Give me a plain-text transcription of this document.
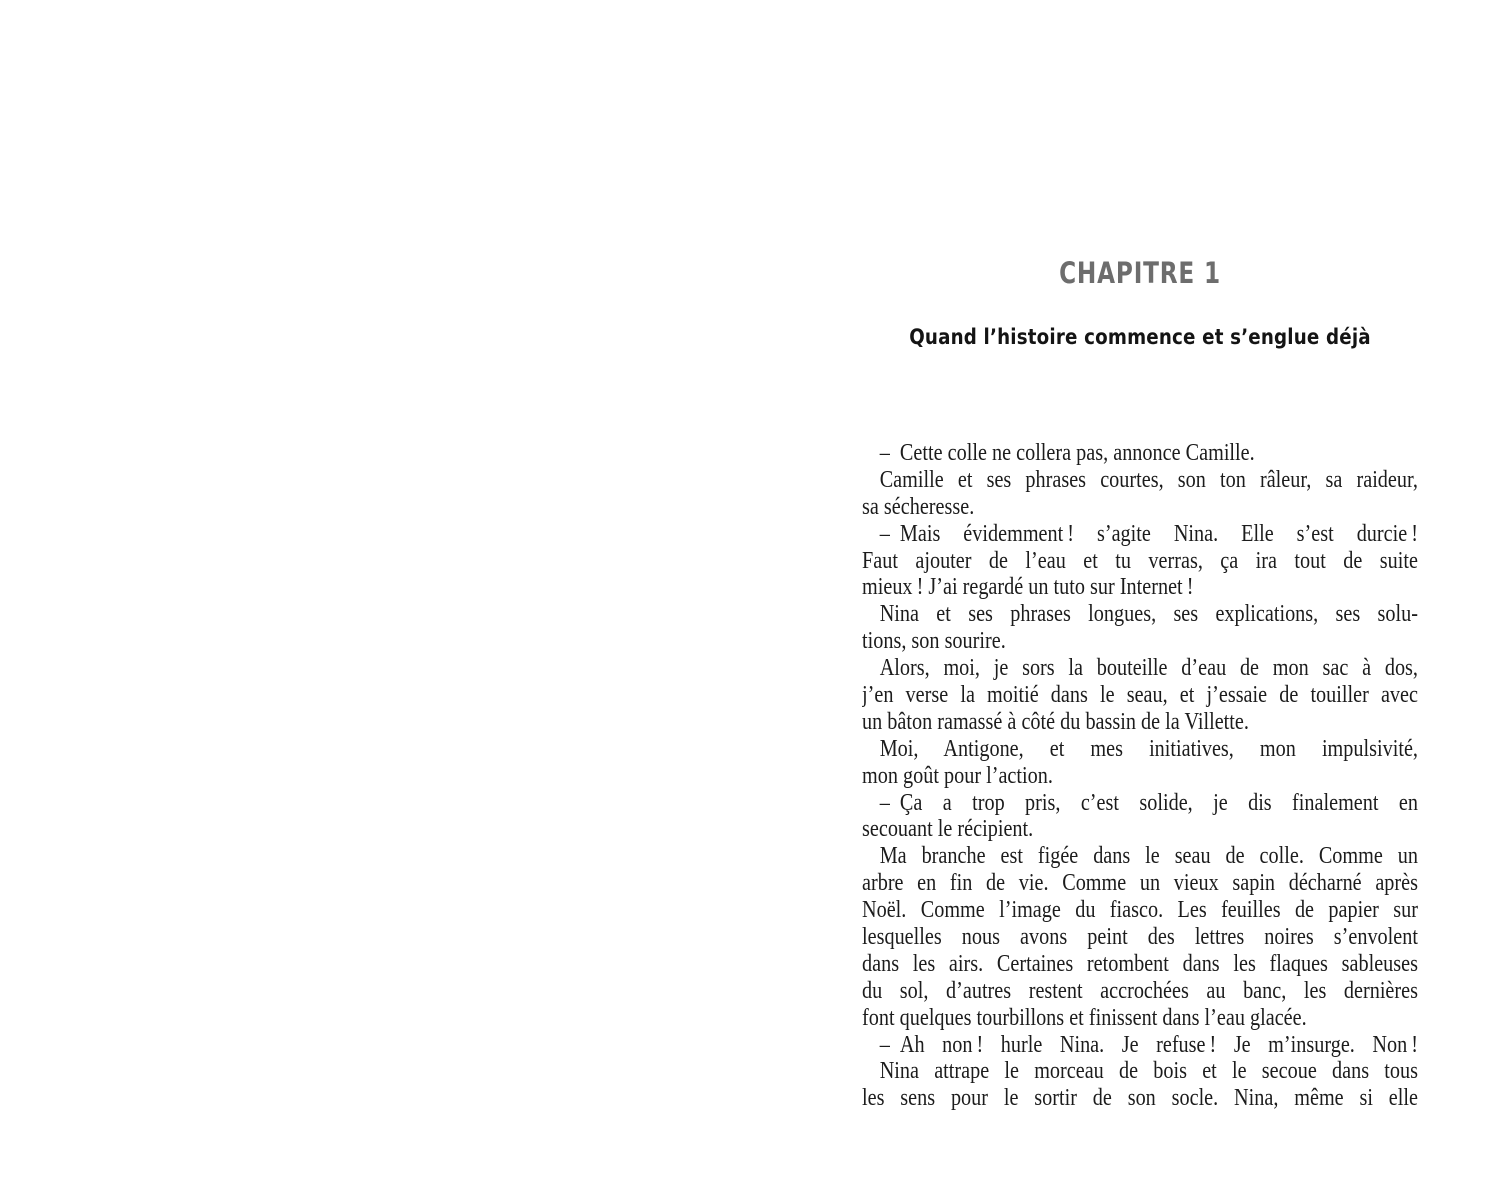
CHAPITRE 1
Quand l’histoire commence et s’englue déjà
– Cette colle ne collera pas, annonce Camille.
Camille et ses phrases courtes, son ton râleur, sa raideur,
sa sécheresse.
– Mais évidemment ! s’agite Nina. Elle s’est durcie !
Faut ajouter de l’eau et tu verras, ça ira tout de suite
mieux ! J’ai regardé un tuto sur Internet !
Nina et ses phrases longues, ses explications, ses solu-
tions, son sourire.
Alors, moi, je sors la bouteille d’eau de mon sac à dos,
j’en verse la moitié dans le seau, et j’essaie de touiller avec
un bâton ramassé à côté du bassin de la Villette.
Moi, Antigone, et mes initiatives, mon impulsivité,
mon goût pour l’action.
– Ça a trop pris, c’est solide, je dis finalement en
secouant le récipient.
Ma branche est figée dans le seau de colle. Comme un
arbre en fin de vie. Comme un vieux sapin décharné après
Noël. Comme l’image du fiasco. Les feuilles de papier sur
lesquelles nous avons peint des lettres noires s’envolent
dans les airs. Certaines retombent dans les flaques sableuses
du sol, d’autres restent accrochées au banc, les dernières
font quelques tourbillons et finissent dans l’eau glacée.
– Ah non ! hurle Nina. Je refuse ! Je m’insurge. Non !
Nina attrape le morceau de bois et le secoue dans tous
les sens pour le sortir de son socle. Nina, même si elle
